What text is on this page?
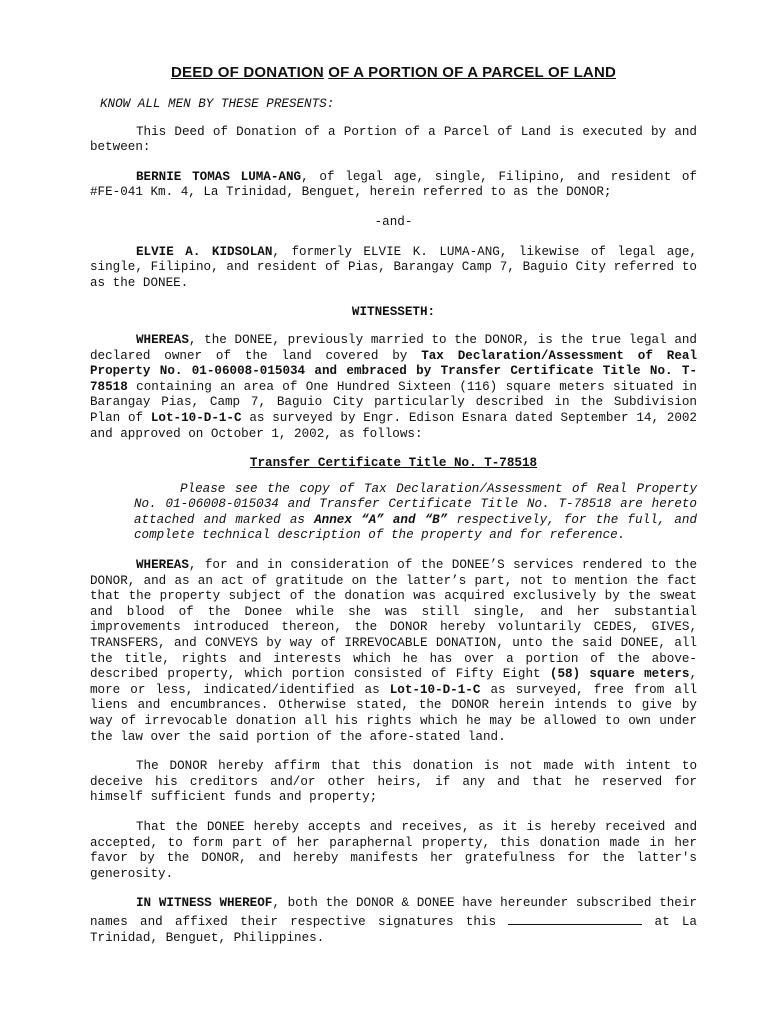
DEED OF DONATION OF A PORTION OF A PARCEL OF LAND

KNOW ALL MEN BY THESE PRESENTS:

This Deed of Donation of a Portion of a Parcel of Land is executed by and between:

BERNIE TOMAS LUMA-ANG, of legal age, single, Filipino, and resident of #FE-041 Km. 4, La Trinidad, Benguet, herein referred to as the DONOR;

-and-

ELVIE A. KIDSOLAN, formerly ELVIE K. LUMA-ANG, likewise of legal age, single, Filipino, and resident of Pias, Barangay Camp 7, Baguio City referred to as the DONEE.

WITNESSETH:

WHEREAS, the DONEE, previously married to the DONOR, is the true legal and declared owner of the land covered by Tax Declaration/Assessment of Real Property No. 01-06008-015034 and embraced by Transfer Certificate Title No. T-78518 containing an area of One Hundred Sixteen (116) square meters situated in Barangay Pias, Camp 7, Baguio City particularly described in the Subdivision Plan of Lot-10-D-1-C as surveyed by Engr. Edison Esnara dated September 14, 2002 and approved on October 1, 2002, as follows:

Transfer Certificate Title No. T-78518

Please see the copy of Tax Declaration/Assessment of Real Property No. 01-06008-015034 and Transfer Certificate Title No. T-78518 are hereto attached and marked as Annex “A” and “B” respectively, for the full, and complete technical description of the property and for reference.

WHEREAS, for and in consideration of the DONEE’S services rendered to the DONOR, and as an act of gratitude on the latter’s part, not to mention the fact that the property subject of the donation was acquired exclusively by the sweat and blood of the Donee while she was still single, and her substantial improvements introduced thereon, the DONOR hereby voluntarily CEDES, GIVES, TRANSFERS, and CONVEYS by way of IRREVOCABLE DONATION, unto the said DONEE, all the title, rights and interests which he has over a portion of the above-described property, which portion consisted of Fifty Eight (58) square meters, more or less, indicated/identified as Lot-10-D-1-C as surveyed, free from all liens and encumbrances. Otherwise stated, the DONOR herein intends to give by way of irrevocable donation all his rights which he may be allowed to own under the law over the said portion of the afore-stated land.

The DONOR hereby affirm that this donation is not made with intent to deceive his creditors and/or other heirs, if any and that he reserved for himself sufficient funds and property;

That the DONEE hereby accepts and receives, as it is hereby received and accepted, to form part of her paraphernal property, this donation made in her favor by the DONOR, and hereby manifests her gratefulness for the latter's generosity.

IN WITNESS WHEREOF, both the DONOR & DONEE have hereunder subscribed their names and affixed their respective signatures this	at La Trinidad, Benguet, Philippines.
